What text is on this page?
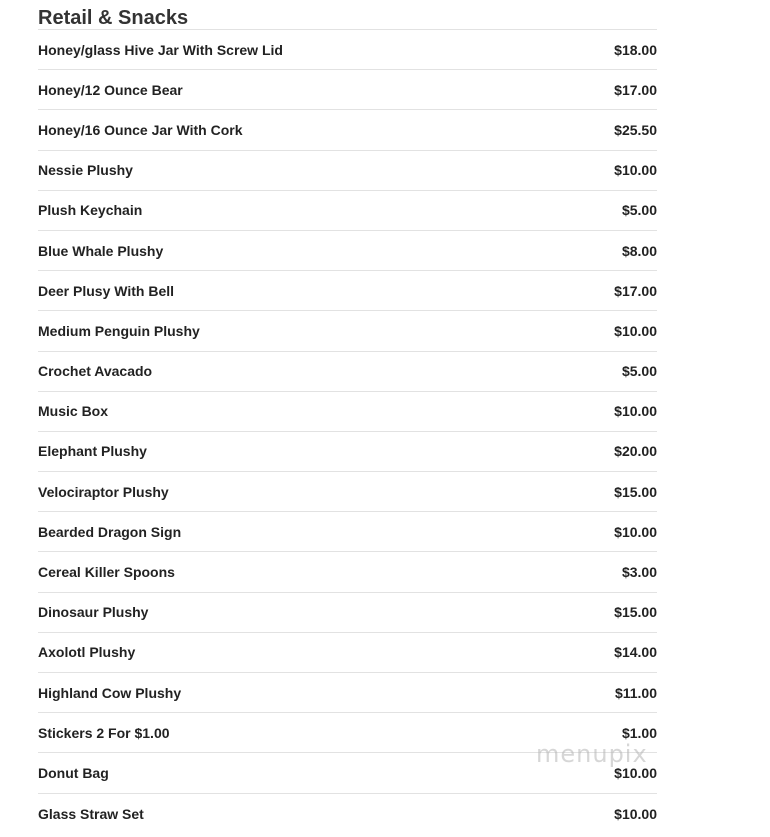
Retail & Snacks
Honey/glass Hive Jar With Screw Lid	$18.00
Honey/12 Ounce Bear	$17.00
Honey/16 Ounce Jar With Cork	$25.50
Nessie Plushy	$10.00
Plush Keychain	$5.00
Blue Whale Plushy	$8.00
Deer Plusy With Bell	$17.00
Medium Penguin Plushy	$10.00
Crochet Avacado	$5.00
Music Box	$10.00
Elephant Plushy	$20.00
Velociraptor Plushy	$15.00
Bearded Dragon Sign	$10.00
Cereal Killer Spoons	$3.00
Dinosaur Plushy	$15.00
Axolotl Plushy	$14.00
Highland Cow Plushy	$11.00
Stickers 2 For $1.00	$1.00
Donut Bag	$10.00
Glass Straw Set	$10.00
menupix
